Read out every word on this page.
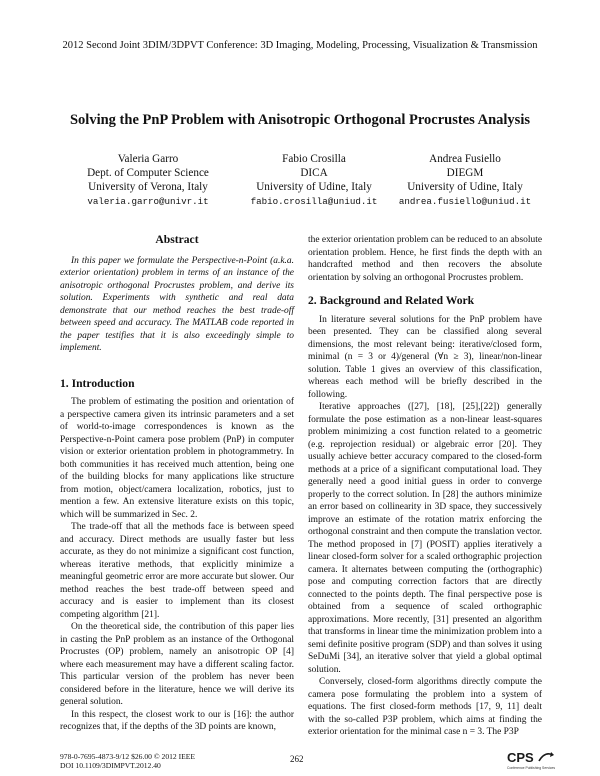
2012 Second Joint 3DIM/3DPVT Conference: 3D Imaging, Modeling, Processing, Visualization & Transmission
Solving the PnP Problem with Anisotropic Orthogonal Procrustes Analysis
Valeria Garro
Dept. of Computer Science
University of Verona, Italy
valeria.garro@univr.it
Fabio Crosilla
DICA
University of Udine, Italy
fabio.crosilla@uniud.it
Andrea Fusiello
DIEGM
University of Udine, Italy
andrea.fusiello@uniud.it
Abstract

In this paper we formulate the Perspective-n-Point (a.k.a. exterior orientation) problem in terms of an instance of the anisotropic orthogonal Procrustes problem, and derive its solution. Experiments with synthetic and real data demonstrate that our method reaches the best trade-off between speed and accuracy. The MATLAB code reported in the paper testifies that it is also exceedingly simple to implement.

1. Introduction

The problem of estimating the position and orientation of a perspective camera given its intrinsic parameters and a set of world-to-image correspondences is known as the Perspective-n-Point camera pose problem (PnP) in computer vision or exterior orientation problem in photogrammetry. In both communities it has received much attention, being one of the building blocks for many applications like structure from motion, object/camera localization, robotics, just to mention a few. An extensive literature exists on this topic, which will be summarized in Sec. 2.

The trade-off that all the methods face is between speed and accuracy. Direct methods are usually faster but less accurate, as they do not minimize a significant cost function, whereas iterative methods, that explicitly minimize a meaningful geometric error are more accurate but slower. Our method reaches the best trade-off between speed and accuracy and is easier to implement than its closest competing algorithm [21].

On the theoretical side, the contribution of this paper lies in casting the PnP problem as an instance of the Orthogonal Procrustes (OP) problem, namely an anisotropic OP [4] where each measurement may have a different scaling factor. This particular version of the problem has never been considered before in the literature, hence we will derive its general solution.

In this respect, the closest work to our is [16]: the author recognizes that, if the depths of the 3D points are known,

the exterior orientation problem can be reduced to an absolute orientation problem. Hence, he first finds the depth with an handcrafted method and then recovers the absolute orientation by solving an orthogonal Procrustes problem.

2. Background and Related Work

In literature several solutions for the PnP problem have been presented. They can be classified along several dimensions, the most relevant being: iterative/closed form, minimal (n = 3 or 4)/general (∀n ≥ 3), linear/non-linear solution. Table 1 gives an overview of this classification, whereas each method will be briefly described in the following.

Iterative approaches ([27], [18], [25],[22]) generally formulate the pose estimation as a non-linear least-squares problem minimizing a cost function related to a geometric (e.g. reprojection residual) or algebraic error [20]. They usually achieve better accuracy compared to the closed-form methods at a price of a significant computational load. They generally need a good initial guess in order to converge properly to the correct solution. In [28] the authors minimize an error based on collinearity in 3D space, they successively improve an estimate of the rotation matrix enforcing the orthogonal constraint and then compute the translation vector. The method proposed in [7] (POSIT) applies iteratively a linear closed-form solver for a scaled orthographic projection camera. It alternates between computing the (orthographic) pose and computing correction factors that are directly connected to the points depth. The final perspective pose is obtained from a sequence of scaled orthographic approximations. More recently, [31] presented an algorithm that transforms in linear time the minimization problem into a semi definite positive program (SDP) and than solves it using SeDuMi [34], an iterative solver that yield a global optimal solution.

Conversely, closed-form algorithms directly compute the camera pose formulating the problem into a system of equations. The first closed-form methods [17, 9, 11] dealt with the so-called P3P problem, which aims at finding the exterior orientation for the minimal case n = 3. The P3P

978-0-7695-4873-9/12 $26.00 © 2012 IEEE
DOI 10.1109/3DIMPVT.2012.40
262	CPS
Conference Publishing Services
